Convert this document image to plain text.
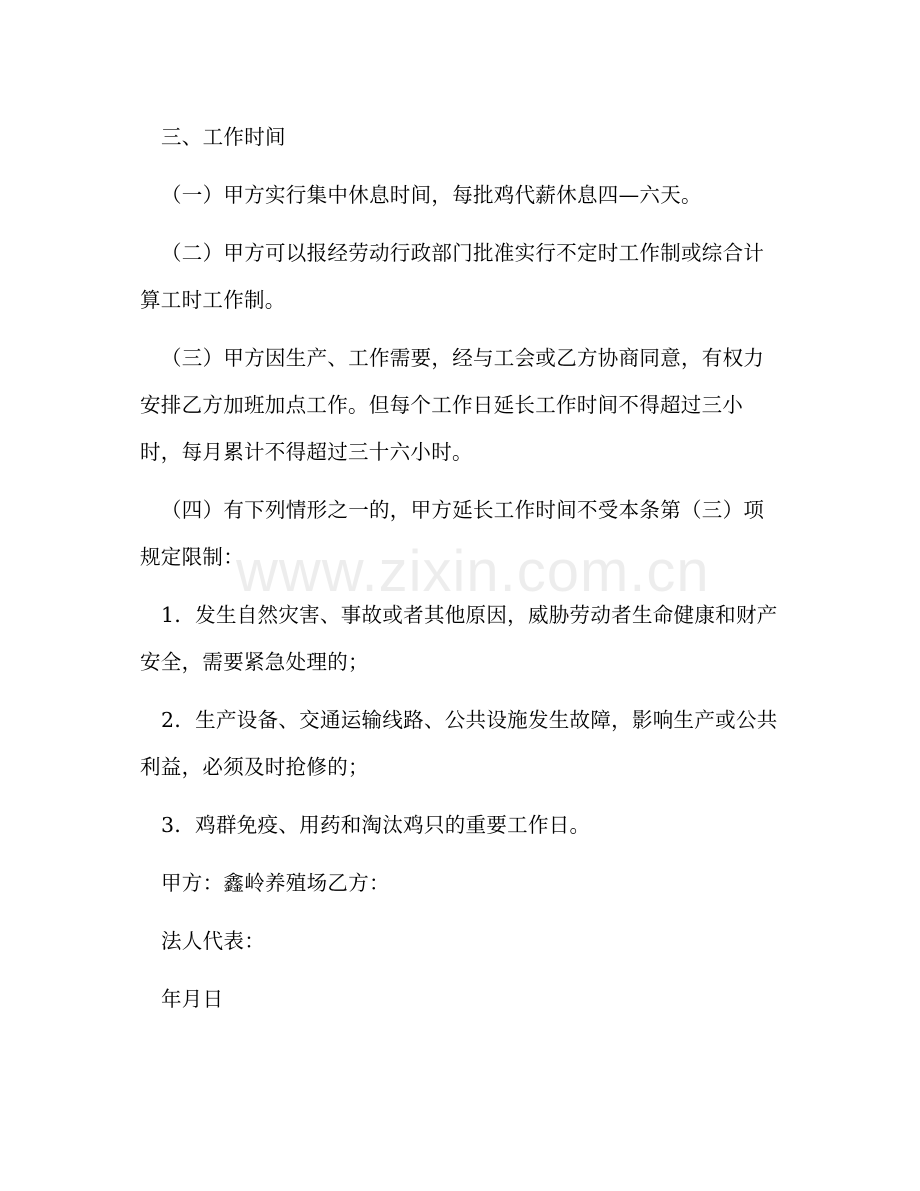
三、工作时间

（一）甲方实行集中休息时间，每批鸡代薪休息四—六天。

（二）甲方可以报经劳动行政部门批准实行不定时工作制或综合计算工时工作制。

（三）甲方因生产、工作需要，经与工会或乙方协商同意，有权力安排乙方加班加点工作。但每个工作日延长工作时间不得超过三小时，每月累计不得超过三十六小时。

（四）有下列情形之一的，甲方延长工作时间不受本条第（三）项规定限制：

1．发生自然灾害、事故或者其他原因，威胁劳动者生命健康和财产安全，需要紧急处理的；

2．生产设备、交通运输线路、公共设施发生故障，影响生产或公共利益，必须及时抢修的；

3．鸡群免疫、用药和淘汰鸡只的重要工作日。

甲方：鑫岭养殖场乙方：

法人代表：

年月日

www.zixin.com.cn
